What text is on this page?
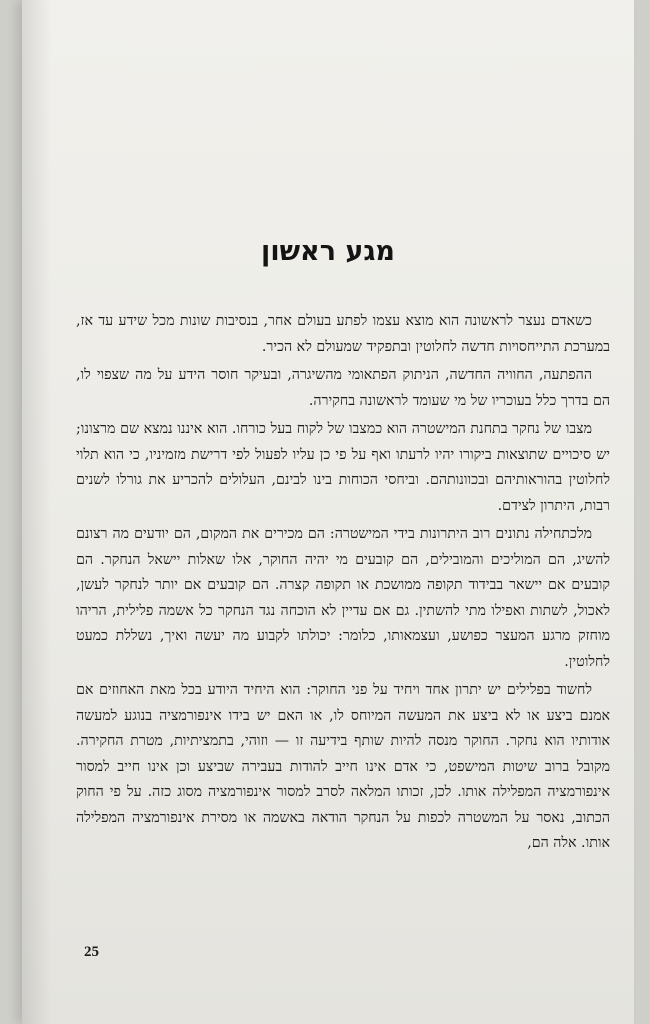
מגע ראשון

כשאדם נעצר לראשונה הוא מוצא עצמו לפתע בעולם אחר, בנסיבות שונות מכל שידע עד אז, במערכת התייחסויות חדשה לחלוטין ובתפקיד שמעולם לא הכיר.

ההפתעה, החוויה החדשה, הניתוק הפתאומי מהשיגרה, ובעיקר חוסר הידע על מה שצפוי לו, הם בדרך כלל בעוכריו של מי שעומד לראשונה בחקירה.

מצבו של נחקר בתחנת המישטרה הוא כמצבו של לקוח בעל כורחו. הוא איננו נמצא שם מרצונו; יש סיכויים שתוצאות ביקורו יהיו לרעתו ואף על פי כן עליו לפעול לפי דרישת מזמיניו, כי הוא תלוי לחלוטין בהוראותיהם ובכוונותהם. וביחסי הכוחות בינו לבינם, העלולים להכריע את גורלו לשנים רבות, היתרון לצידם.

מלכתחילה נתונים רוב היתרונות בידי המישטרה: הם מכירים את המקום, הם יודעים מה רצונם להשיג, הם המוליכים והמובילים, הם קובעים מי יהיה החוקר, אלו שאלות יישאל הנחקר. הם קובעים אם יישאר בבידוד תקופה ממושכת או תקופה קצרה. הם קובעים אם יותר לנחקר לעשן, לאכול, לשתות ואפילו מתי להשתין. גם אם עדיין לא הוכחה נגד הנחקר כל אשמה פלילית, הריהו מוחזק מרגע המעצר כפושע, ועצמאותו, כלומר: יכולתו לקבוע מה יעשה ואיך, נשללת כמעט לחלוטין.

לחשוד בפלילים יש יתרון אחד ויחיד על פני החוקר: הוא היחיד היודע בכל מאת האחוזים אם אמנם ביצע או לא ביצע את המעשה המיוחס לו, או האם יש בידו אינפורמציה בנוגע למעשה אודותיו הוא נחקר. החוקר מנסה להיות שותף בידיעה זו — וזוהי, בתמציתיות, מטרת החקירה. מקובל ברוב שיטות המישפט, כי אדם אינו חייב להודות בעבירה שביצע וכן אינו חייב למסור אינפורמציה המפלילה אותו. לכן, זכותו המלאה לסרב למסור אינפורמציה מסוג כזה. על פי החוק הכתוב, נאסר על המשטרה לכפות על הנחקר הודאה באשמה או מסירת אינפורמציה המפלילה אותו. אלה הם,

25
